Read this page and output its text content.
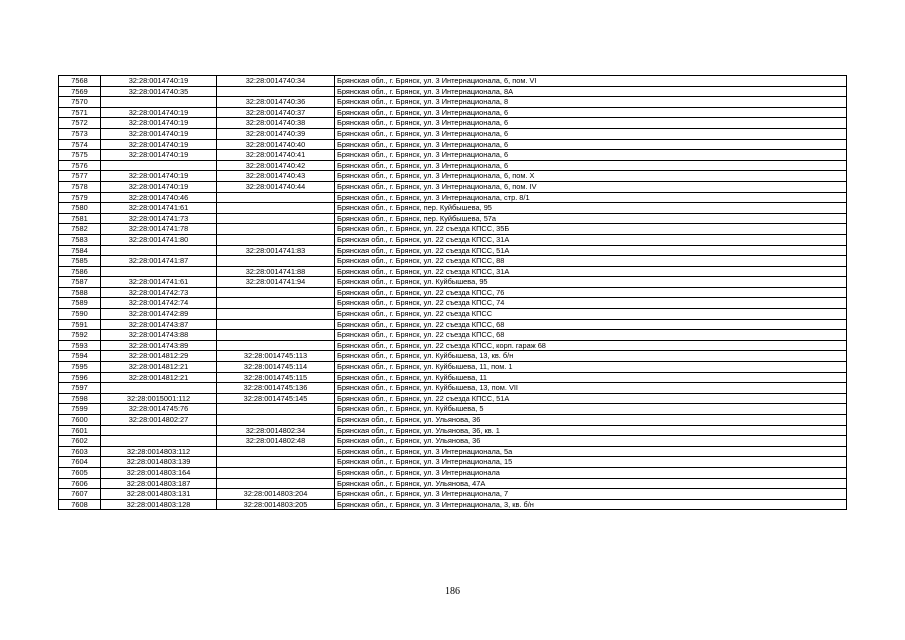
7568	32:28:0014740:19	32:28:0014740:34	Брянская обл., г. Брянск, ул. 3 Интернационала, 6, пом. VI
7569	32:28:0014740:35		Брянская обл., г. Брянск, ул. 3 Интернационала, 8А
7570		32:28:0014740:36	Брянская обл., г. Брянск, ул. 3 Интернационала, 8
7571	32:28:0014740:19	32:28:0014740:37	Брянская обл., г. Брянск, ул. 3 Интернационала, 6
7572	32:28:0014740:19	32:28:0014740:38	Брянская обл., г. Брянск, ул. 3 Интернационала, 6
7573	32:28:0014740:19	32:28:0014740:39	Брянская обл., г. Брянск, ул. 3 Интернационала, 6
7574	32:28:0014740:19	32:28:0014740:40	Брянская обл., г. Брянск, ул. 3 Интернационала, 6
7575	32:28:0014740:19	32:28:0014740:41	Брянская обл., г. Брянск, ул. 3 Интернационала, 6
7576		32:28:0014740:42	Брянская обл., г. Брянск, ул. 3 Интернационала, 6
7577	32:28:0014740:19	32:28:0014740:43	Брянская обл., г. Брянск, ул. 3 Интернационала, 6, пом. X
7578	32:28:0014740:19	32:28:0014740:44	Брянская обл., г. Брянск, ул. 3 Интернационала, 6, пом. IV
7579	32:28:0014740:46		Брянская обл., г. Брянск, ул. 3 Интернационала, стр. 8/1
7580	32:28:0014741:61		Брянская обл., г. Брянск, пер. Куйбышева, 95
7581	32:28:0014741:73		Брянская обл., г. Брянск, пер. Куйбышева, 57а
7582	32:28:0014741:78		Брянская обл., г. Брянск, ул. 22 съезда КПСС, 35Б
7583	32:28:0014741:80		Брянская обл., г. Брянск, ул. 22 съезда КПСС, 31А
7584		32:28:0014741:83	Брянская обл., г. Брянск, ул. 22 съезда КПСС, 51А
7585	32:28:0014741:87		Брянская обл., г. Брянск, ул. 22 съезда КПСС, 88
7586		32:28:0014741:88	Брянская обл., г. Брянск, ул. 22 съезда КПСС, 31А
7587	32:28:0014741:61	32:28:0014741:94	Брянская обл., г. Брянск, ул. Куйбышева, 95
7588	32:28:0014742:73		Брянская обл., г. Брянск, ул. 22 съезда КПСС, 76
7589	32:28:0014742:74		Брянская обл., г. Брянск, ул. 22 съезда КПСС, 74
7590	32:28:0014742:89		Брянская обл., г. Брянск, ул. 22 съезда КПСС
7591	32:28:0014743:87		Брянская обл., г. Брянск, ул. 22 съезда КПСС, 68
7592	32:28:0014743:88		Брянская обл., г. Брянск, ул. 22 съезда КПСС, 68
7593	32:28:0014743:89		Брянская обл., г. Брянск, ул. 22 съезда КПСС, корп. гараж 68
7594	32:28:0014812:29	32:28:0014745:113	Брянская обл., г. Брянск, ул. Куйбышева, 13, кв. б/н
7595	32:28:0014812:21	32:28:0014745:114	Брянская обл., г. Брянск, ул. Куйбышева, 11, пом. 1
7596	32:28:0014812:21	32:28:0014745:115	Брянская обл., г. Брянск, ул. Куйбышева, 11
7597		32:28:0014745:136	Брянская обл., г. Брянск, ул. Куйбышева, 13, пом. VII
7598	32:28:0015001:112	32:28:0014745:145	Брянская обл., г. Брянск, ул. 22 съезда КПСС, 51А
7599	32:28:0014745:76		Брянская обл., г. Брянск, ул. Куйбышева, 5
7600	32:28:0014802:27		Брянская обл., г. Брянск, ул. Ульянова, 36
7601		32:28:0014802:34	Брянская обл., г. Брянск, ул. Ульянова, 36, кв. 1
7602		32:28:0014802:48	Брянская обл., г. Брянск, ул. Ульянова, 36
7603	32:28:0014803:112		Брянская обл., г. Брянск, ул. 3 Интернационала, 5а
7604	32:28:0014803:139		Брянская обл., г. Брянск, ул. 3 Интернационала, 15
7605	32:28:0014803:164		Брянская обл., г. Брянск, ул. 3 Интернационала
7606	32:28:0014803:187		Брянская обл., г. Брянск, ул. Ульянова, 47А
7607	32:28:0014803:131	32:28:0014803:204	Брянская обл., г. Брянск, ул. 3 Интернационала, 7
7608	32:28:0014803:128	32:28:0014803:205	Брянская обл., г. Брянск, ул. 3 Интернационала, 3, кв. б/н
186
